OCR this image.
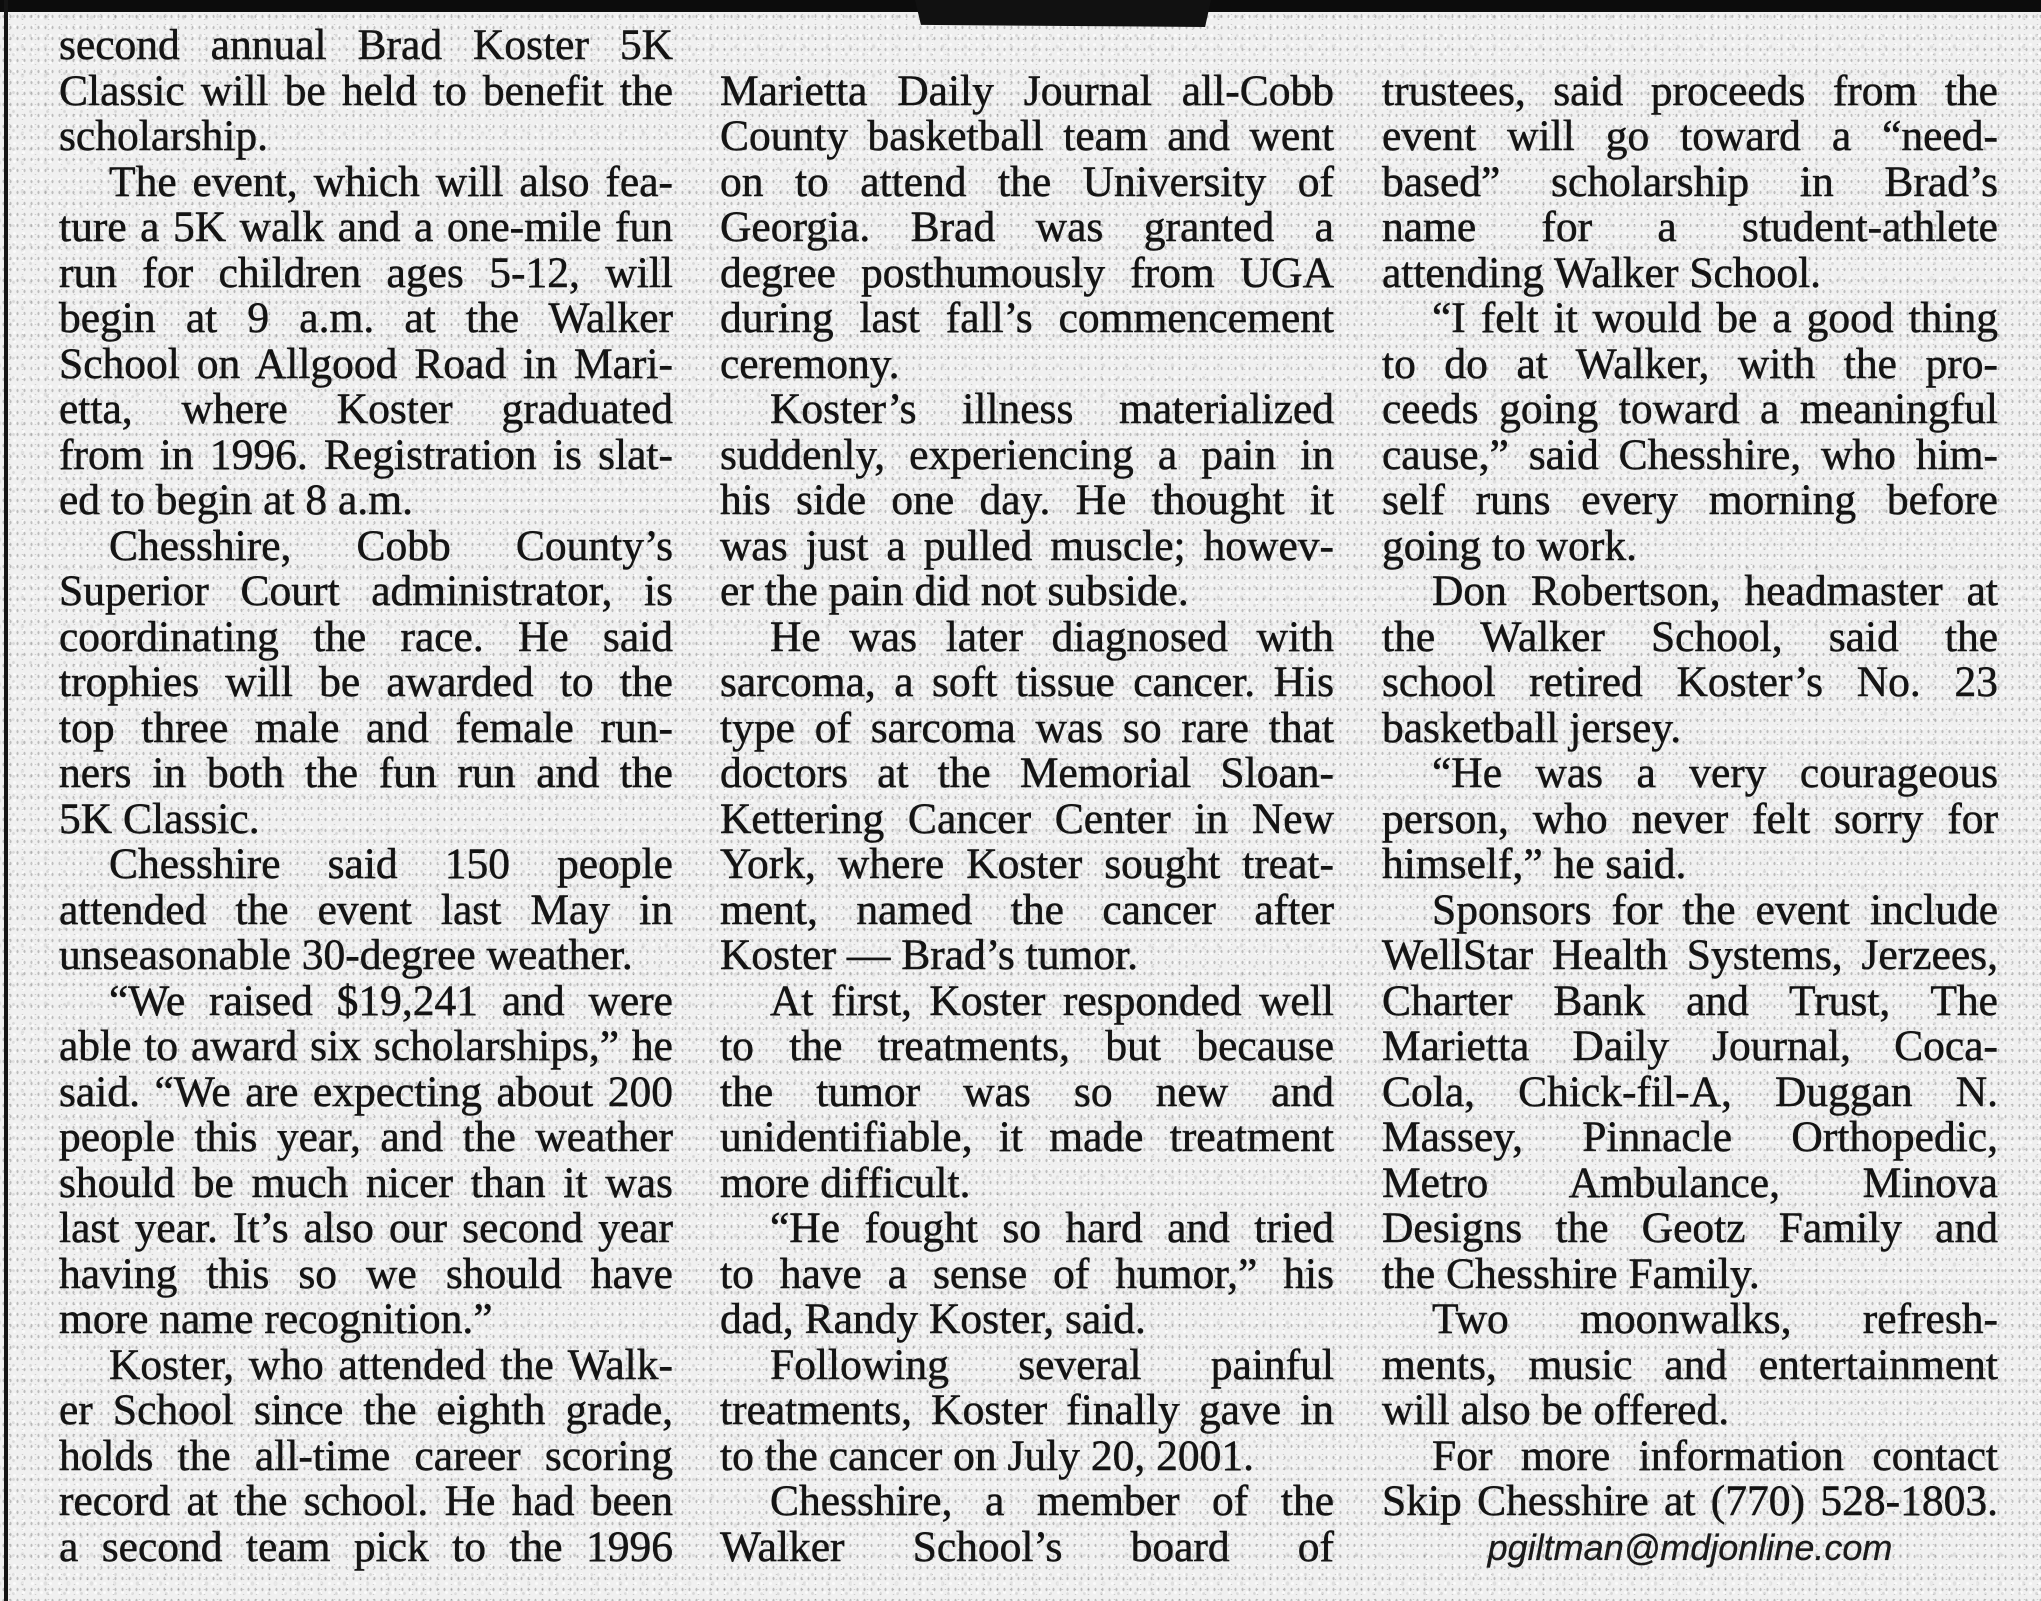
second annual Brad Koster 5K
Classic will be held to benefit the
scholarship.
The event, which will also fea-
ture a 5K walk and a one-mile fun
run for children ages 5-12, will
begin at 9 a.m. at the Walker
School on Allgood Road in Mari-
etta, where Koster graduated
from in 1996. Registration is slat-
ed to begin at 8 a.m.
Chesshire, Cobb County’s
Superior Court administrator, is
coordinating the race. He said
trophies will be awarded to the
top three male and female run-
ners in both the fun run and the
5K Classic.
Chesshire said 150 people
attended the event last May in
unseasonable 30-degree weather.
“We raised $19,241 and were
able to award six scholarships,” he
said. “We are expecting about 200
people this year, and the weather
should be much nicer than it was
last year. It’s also our second year
having this so we should have
more name recognition.”
Koster, who attended the Walk-
er School since the eighth grade,
holds the all-time career scoring
record at the school. He had been
a second team pick to the 1996
Marietta Daily Journal all-Cobb
County basketball team and went
on to attend the University of
Georgia. Brad was granted a
degree posthumously from UGA
during last fall’s commencement
ceremony.
Koster’s illness materialized
suddenly, experiencing a pain in
his side one day. He thought it
was just a pulled muscle; howev-
er the pain did not subside.
He was later diagnosed with
sarcoma, a soft tissue cancer. His
type of sarcoma was so rare that
doctors at the Memorial Sloan-
Kettering Cancer Center in New
York, where Koster sought treat-
ment, named the cancer after
Koster — Brad’s tumor.
At first, Koster responded well
to the treatments, but because
the tumor was so new and
unidentifiable, it made treatment
more difficult.
“He fought so hard and tried
to have a sense of humor,” his
dad, Randy Koster, said.
Following several painful
treatments, Koster finally gave in
to the cancer on July 20, 2001.
Chesshire, a member of the
Walker School’s board of
trustees, said proceeds from the
event will go toward a “need-
based” scholarship in Brad’s
name for a student-athlete
attending Walker School.
“I felt it would be a good thing
to do at Walker, with the pro-
ceeds going toward a meaningful
cause,” said Chesshire, who him-
self runs every morning before
going to work.
Don Robertson, headmaster at
the Walker School, said the
school retired Koster’s No. 23
basketball jersey.
“He was a very courageous
person, who never felt sorry for
himself,” he said.
Sponsors for the event include
WellStar Health Systems, Jerzees,
Charter Bank and Trust, The
Marietta Daily Journal, Coca-
Cola, Chick-fil-A, Duggan N.
Massey, Pinnacle Orthopedic,
Metro Ambulance, Minova
Designs the Geotz Family and
the Chesshire Family.
Two moonwalks, refresh-
ments, music and entertainment
will also be offered.
For more information contact
Skip Chesshire at (770) 528-1803.
pgiltman@mdjonline.com
